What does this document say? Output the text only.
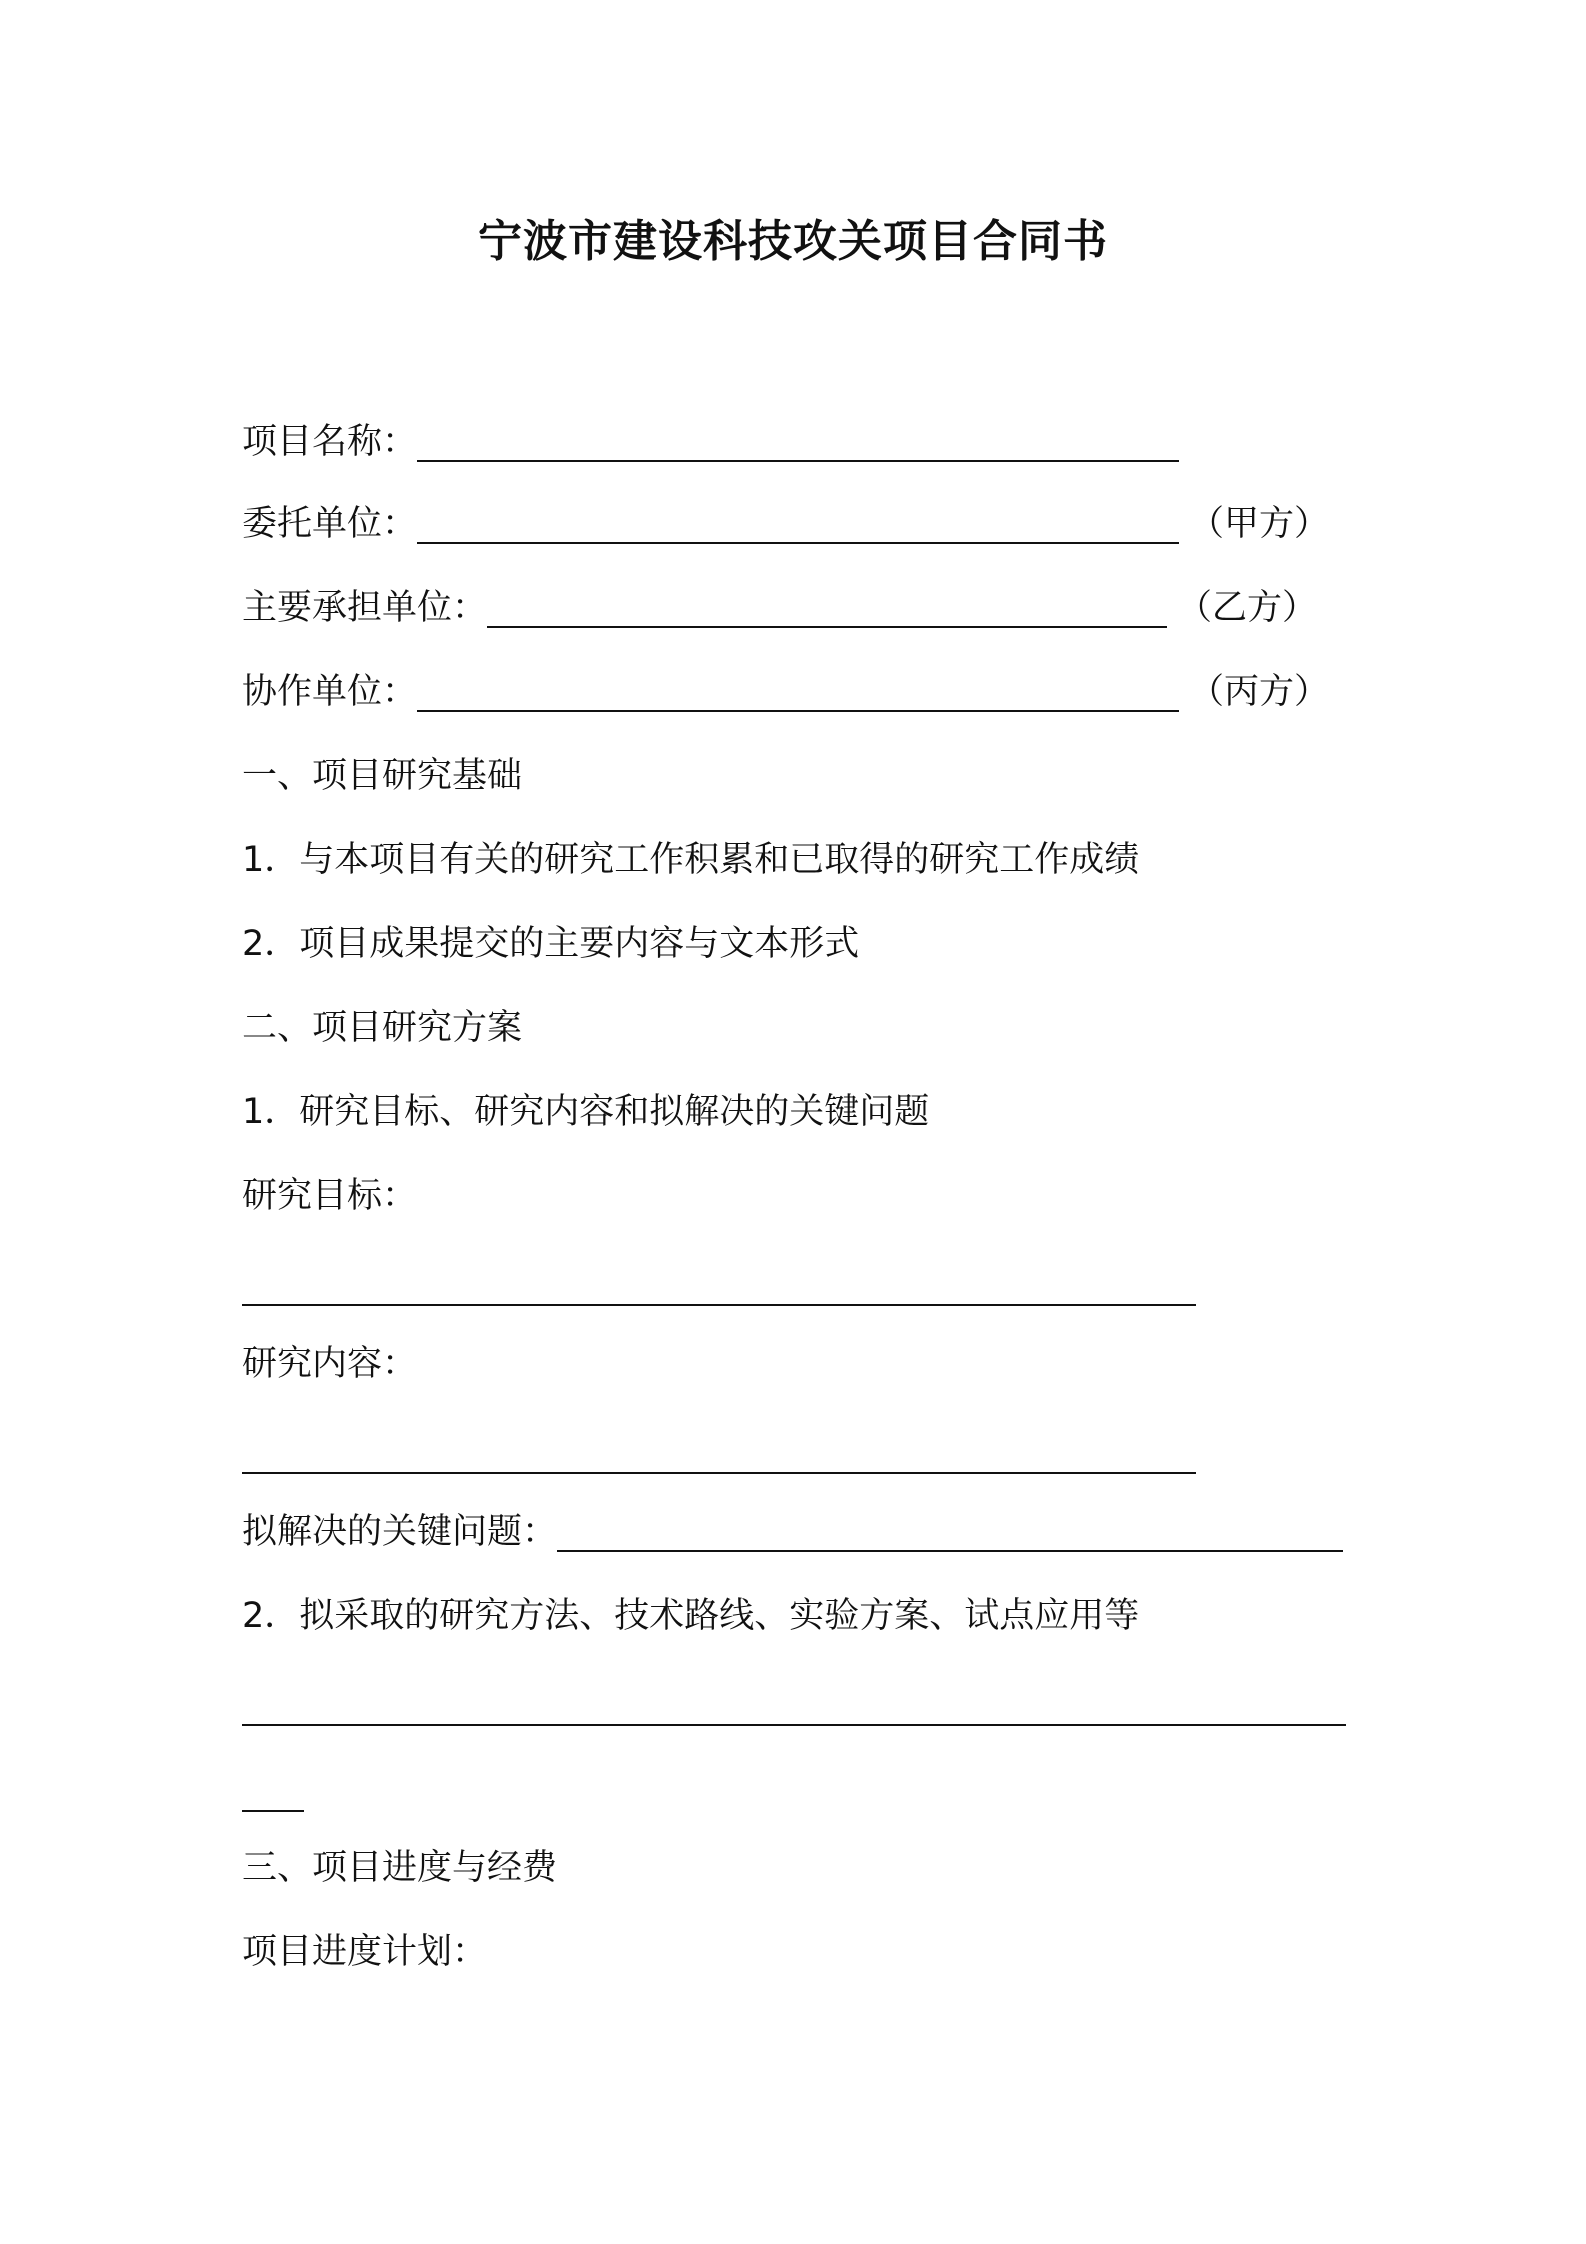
宁波市建设科技攻关项目合同书
项目名称：
委托单位：	（甲方）
主要承担单位：	（乙方）
协作单位：	（丙方）
一、项目研究基础
1．与本项目有关的研究工作积累和已取得的研究工作成绩
2．项目成果提交的主要内容与文本形式
二、项目研究方案
1．研究目标、研究内容和拟解决的关键问题
研究目标：
研究内容：
拟解决的关键问题：
2．拟采取的研究方法、技术路线、实验方案、试点应用等
三、项目进度与经费
项目进度计划：
